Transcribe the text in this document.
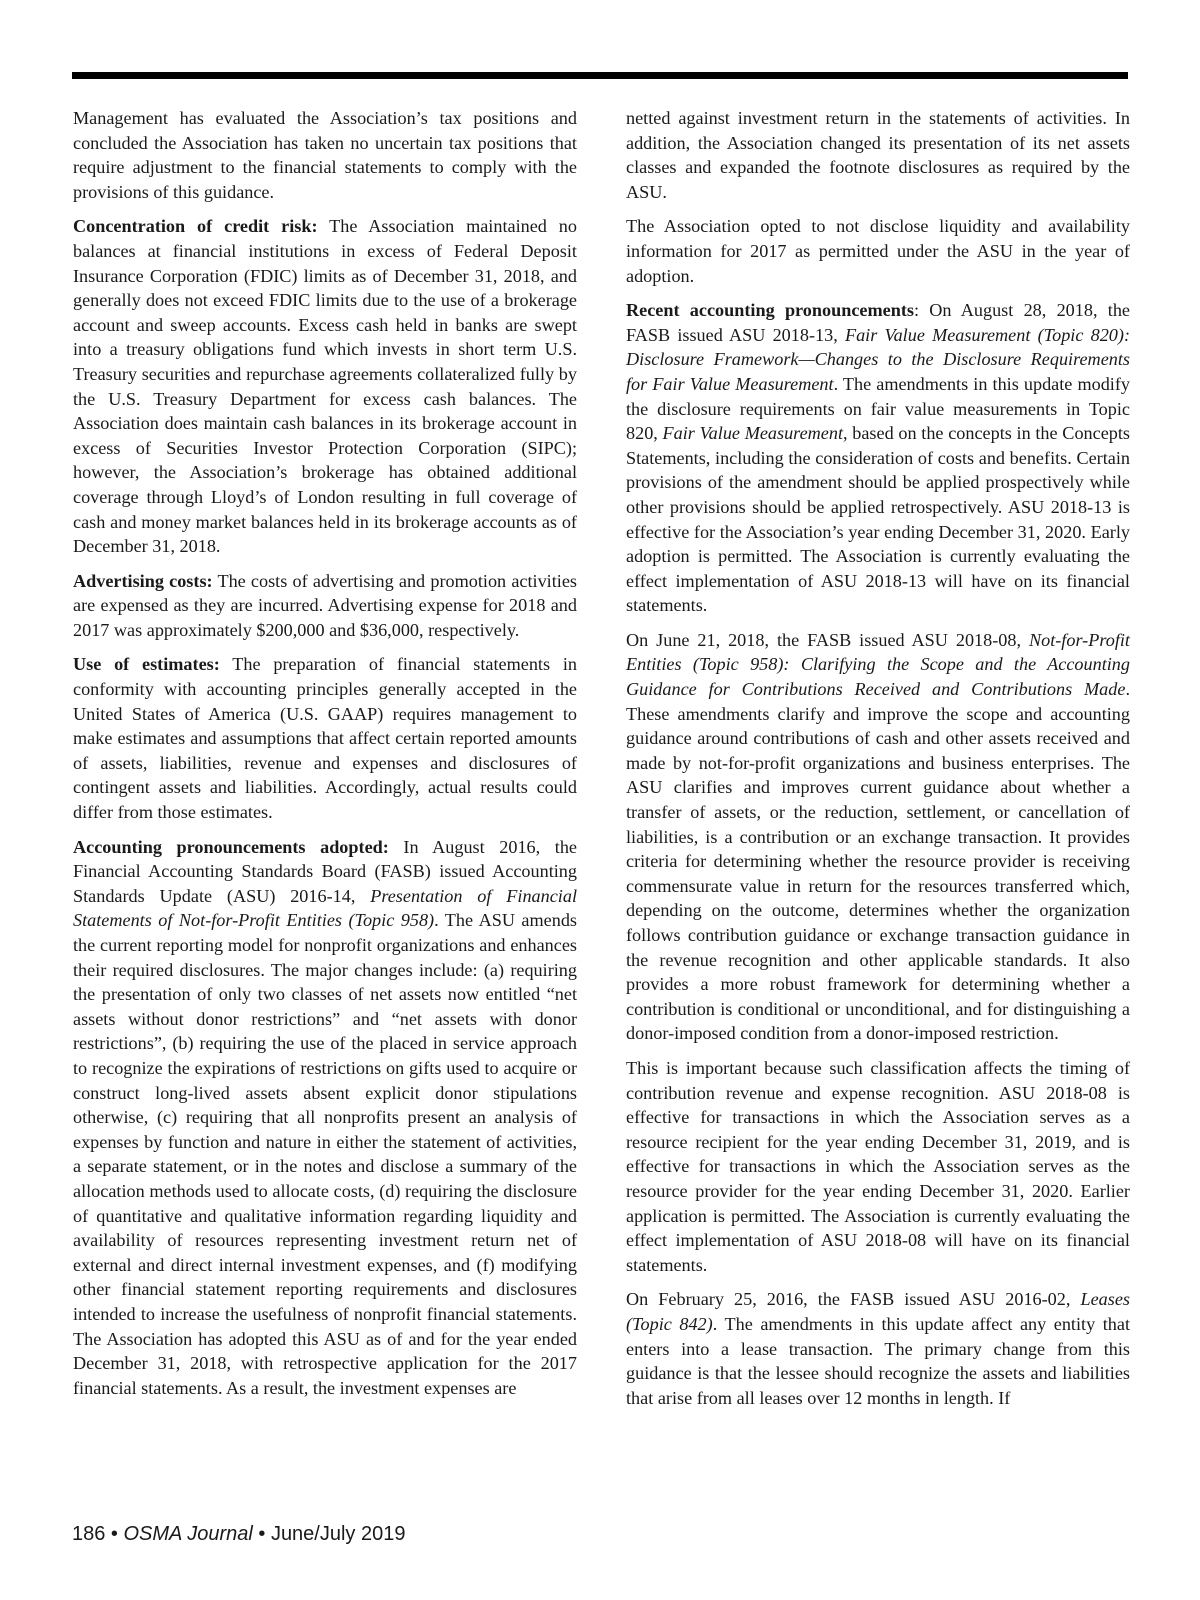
Management has evaluated the Association’s tax positions and concluded the Association has taken no uncertain tax positions that require adjustment to the financial statements to comply with the provisions of this guidance.

Concentration of credit risk: The Association maintained no balances at financial institutions in excess of Federal Deposit Insurance Corporation (FDIC) limits as of December 31, 2018, and generally does not exceed FDIC limits due to the use of a brokerage account and sweep accounts. Excess cash held in banks are swept into a treasury obligations fund which invests in short term U.S. Treasury securities and repurchase agreements collateralized fully by the U.S. Treasury Department for excess cash balances. The Association does maintain cash balances in its brokerage account in excess of Securities Investor Protection Corporation (SIPC); however, the Association’s brokerage has obtained additional coverage through Lloyd’s of London resulting in full coverage of cash and money market balances held in its brokerage accounts as of December 31, 2018.

Advertising costs: The costs of advertising and promotion activities are expensed as they are incurred. Advertising expense for 2018 and 2017 was approximately $200,000 and $36,000, respectively.

Use of estimates: The preparation of financial statements in conformity with accounting principles generally accepted in the United States of America (U.S. GAAP) requires management to make estimates and assumptions that affect certain reported amounts of assets, liabilities, revenue and expenses and disclosures of contingent assets and liabilities. Accordingly, actual results could differ from those estimates.

Accounting pronouncements adopted: In August 2016, the Financial Accounting Standards Board (FASB) issued Accounting Standards Update (ASU) 2016-14, Presentation of Financial Statements of Not-for-Profit Entities (Topic 958). The ASU amends the current reporting model for nonprofit organizations and enhances their required disclosures. The major changes include: (a) requiring the presentation of only two classes of net assets now entitled “net assets without donor restrictions” and “net assets with donor restrictions”, (b) requiring the use of the placed in service approach to recognize the expirations of restrictions on gifts used to acquire or construct long-lived assets absent explicit donor stipulations otherwise, (c) requiring that all nonprofits present an analysis of expenses by function and nature in either the statement of activities, a separate statement, or in the notes and disclose a summary of the allocation methods used to allocate costs, (d) requiring the disclosure of quantitative and qualitative information regarding liquidity and availability of resources representing investment return net of external and direct internal investment expenses, and (f) modifying other financial statement reporting requirements and disclosures intended to increase the usefulness of nonprofit financial statements. The Association has adopted this ASU as of and for the year ended December 31, 2018, with retrospective application for the 2017 financial statements. As a result, the investment expenses are

netted against investment return in the statements of activities. In addition, the Association changed its presentation of its net assets classes and expanded the footnote disclosures as required by the ASU.

The Association opted to not disclose liquidity and availability information for 2017 as permitted under the ASU in the year of adoption.

Recent accounting pronouncements: On August 28, 2018, the FASB issued ASU 2018-13, Fair Value Measurement (Topic 820): Disclosure Framework—Changes to the Disclosure Requirements for Fair Value Measurement. The amendments in this update modify the disclosure requirements on fair value measurements in Topic 820, Fair Value Measurement, based on the concepts in the Concepts Statements, including the consideration of costs and benefits. Certain provisions of the amendment should be applied prospectively while other provisions should be applied retrospectively. ASU 2018-13 is effective for the Association’s year ending December 31, 2020. Early adoption is permitted. The Association is currently evaluating the effect implementation of ASU 2018-13 will have on its financial statements.

On June 21, 2018, the FASB issued ASU 2018-08, Not-for-Profit Entities (Topic 958): Clarifying the Scope and the Accounting Guidance for Contributions Received and Contributions Made. These amendments clarify and improve the scope and accounting guidance around contributions of cash and other assets received and made by not-for-profit organizations and business enterprises. The ASU clarifies and improves current guidance about whether a transfer of assets, or the reduction, settlement, or cancellation of liabilities, is a contribution or an exchange transaction. It provides criteria for determining whether the resource provider is receiving commensurate value in return for the resources transferred which, depending on the outcome, determines whether the organization follows contribution guidance or exchange transaction guidance in the revenue recognition and other applicable standards. It also provides a more robust framework for determining whether a contribution is conditional or unconditional, and for distinguishing a donor-imposed condition from a donor-imposed restriction.

This is important because such classification affects the timing of contribution revenue and expense recognition. ASU 2018-08 is effective for transactions in which the Association serves as a resource recipient for the year ending December 31, 2019, and is effective for transactions in which the Association serves as the resource provider for the year ending December 31, 2020. Earlier application is permitted. The Association is currently evaluating the effect implementation of ASU 2018-08 will have on its financial statements.

On February 25, 2016, the FASB issued ASU 2016-02, Leases (Topic 842). The amendments in this update affect any entity that enters into a lease transaction. The primary change from this guidance is that the lessee should recognize the assets and liabilities that arise from all leases over 12 months in length. If

186 • OSMA Journal • June/July 2019
